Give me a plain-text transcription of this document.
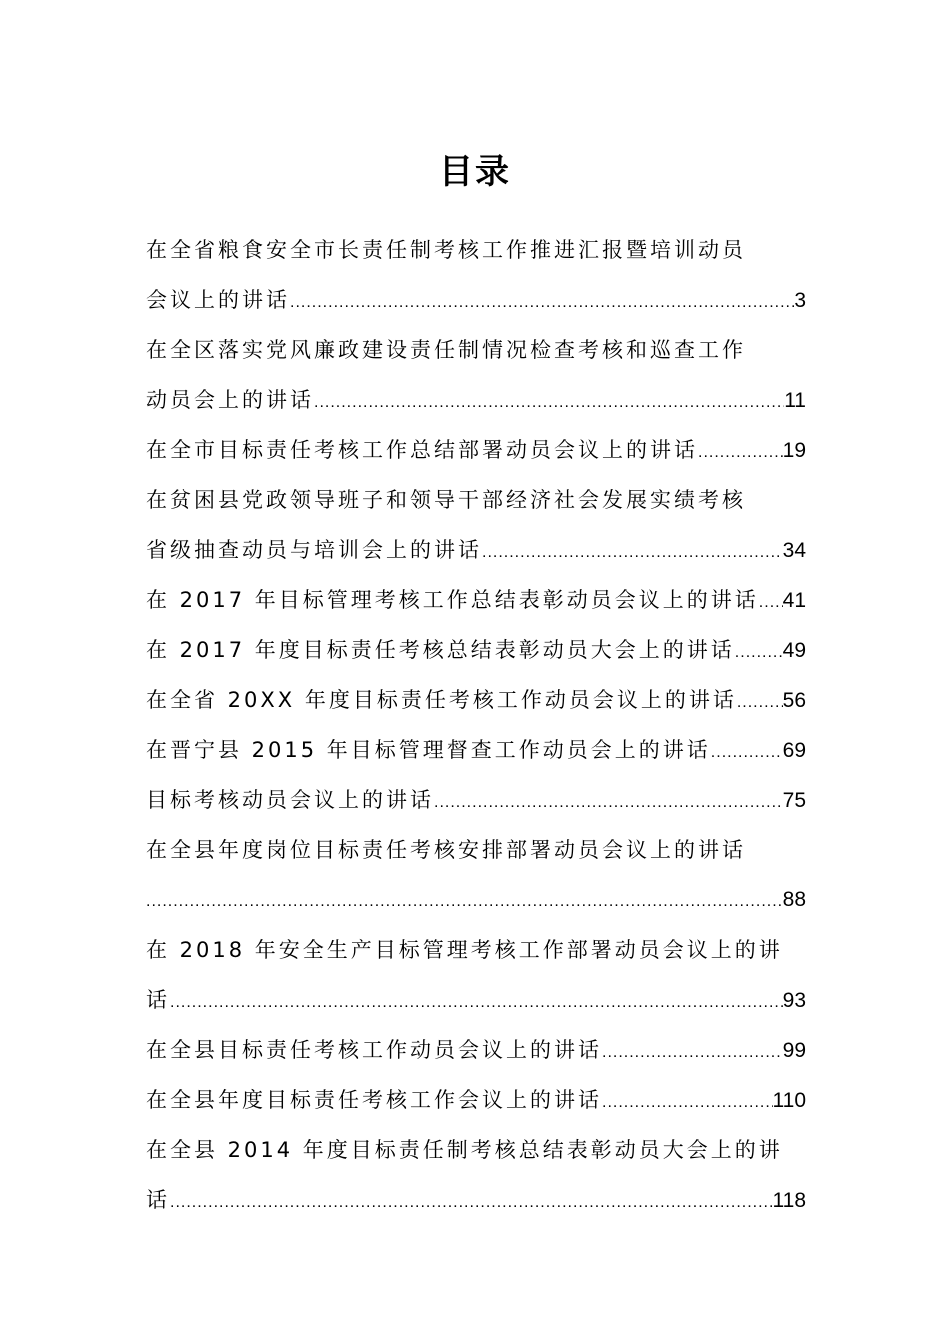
目录
在全省粮食安全市长责任制考核工作推进汇报暨培训动员
会议上的讲话 .....	3
在全区落实党风廉政建设责任制情况检查考核和巡查工作
动员会上的讲话 .....	11
在全市目标责任考核工作总结部署动员会议上的讲话 .....	19
在贫困县党政领导班子和领导干部经济社会发展实绩考核
省级抽查动员与培训会上的讲话 .....	34
在 2017 年目标管理考核工作总结表彰动员会议上的讲话 ..... 41
在 2017 年度目标责任考核总结表彰动员大会上的讲话 ..... 49
在全省 20XX 年度目标责任考核工作动员会议上的讲话 ..... 56
在晋宁县 2015 年目标管理督查工作动员会上的讲话 .....	69
目标考核动员会议上的讲话 .....	75
在全县年度岗位目标责任考核安排部署动员会议上的讲话
.....
88
在 2018 年安全生产目标管理考核工作部署动员会议上的讲
话 .....	93
在全县目标责任考核工作动员会议上的讲话 .....	99
在全县年度目标责任考核工作会议上的讲话 .....	110
在全县 2014 年度目标责任制考核总结表彰动员大会上的讲
话 .....	118
